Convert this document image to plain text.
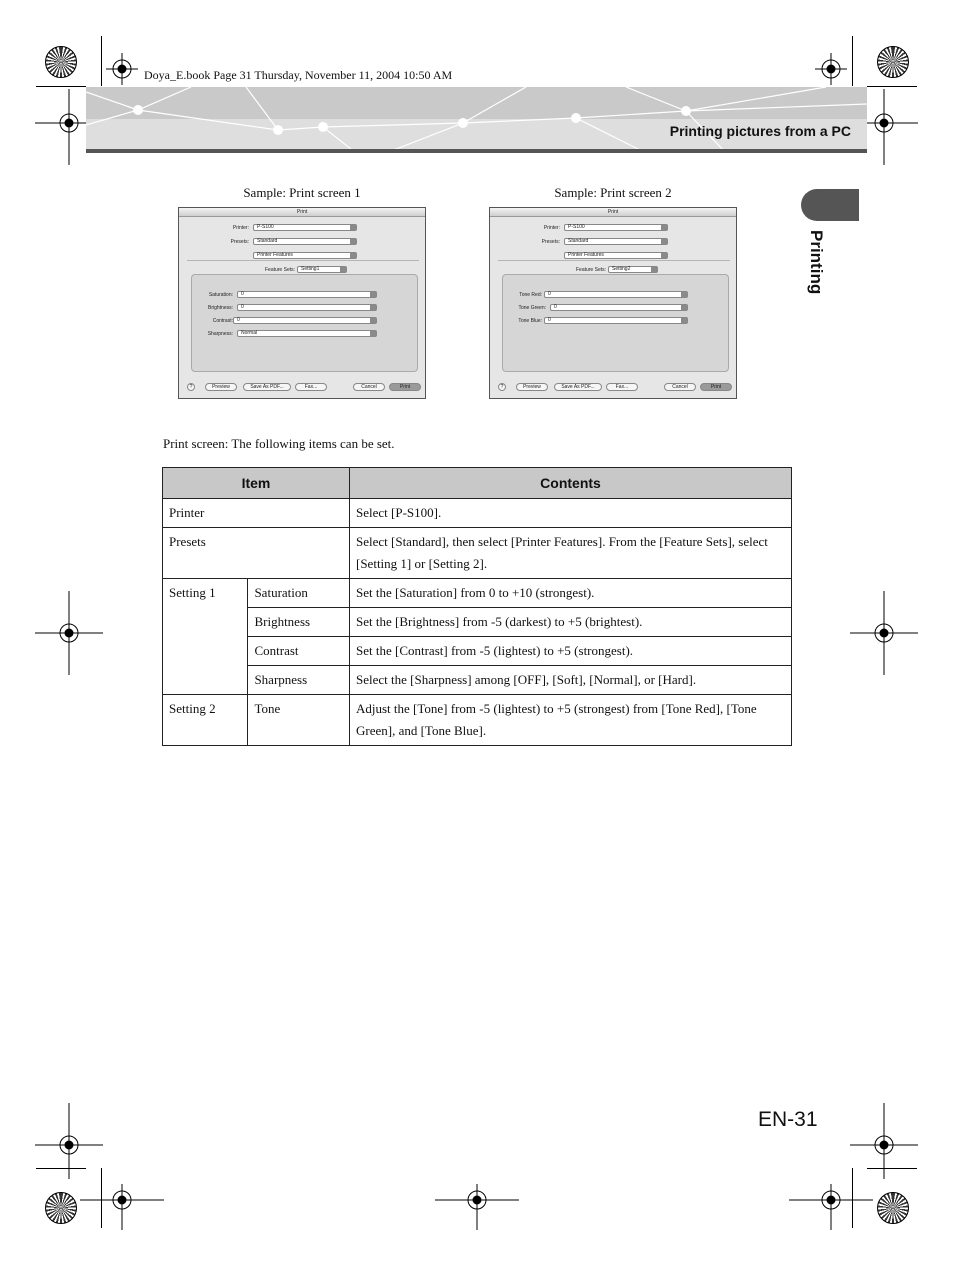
Doya_E.book Page 31 Thursday, November 11, 2004 10:50 AM
Printing pictures from a PC
Printing
Sample: Print screen 1
Print
Printer:	P-S100
Presets:	Standard
Printer Features
Feature Sets:	Setting1
Saturation:	0
Brightness:	0
Contrast: 0
Sharpness:	Normal
?	Preview	Save As PDF...	Fax...	Cancel	Print
Sample: Print screen 2
Print
Printer:	P-S100
Presets:	Standard
Printer Features
Feature Sets:	Setting2
Tone Red:	0
Tone Green:	0
Tone Blue:	0
?	Preview	Save As PDF...	Fax...	Cancel	Print
Print screen: The following items can be set.
Item		Contents
Printer		Select [P-S100].
Presets		Select [Standard], then select [Printer Features]. From the [Feature Sets], select [Setting 1] or [Setting 2].
Setting 1	Saturation	Set the [Saturation] from 0 to +10 (strongest).
	Brightness	Set the [Brightness] from -5 (darkest) to +5 (brightest).
	Contrast	Set the [Contrast] from -5 (lightest) to +5 (strongest).
	Sharpness	Select the [Sharpness] among [OFF], [Soft], [Normal], or [Hard].
Setting 2	Tone	Adjust the [Tone] from -5 (lightest) to +5 (strongest) from [Tone Red], [Tone Green], and [Tone Blue].
EN-31
